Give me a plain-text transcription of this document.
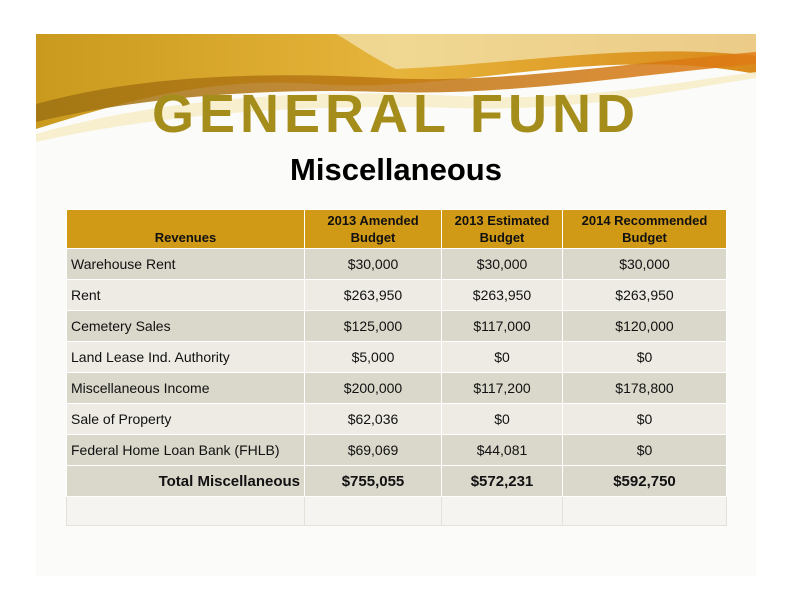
GENERAL FUND
Miscellaneous
Revenues	2013 Amended Budget	2013 Estimated Budget	2014 Recommended Budget
Warehouse Rent	$30,000	$30,000	$30,000
Rent	$263,950	$263,950	$263,950
Cemetery Sales	$125,000	$117,000	$120,000
Land Lease Ind. Authority	$5,000	$0	$0
Miscellaneous Income	$200,000	$117,200	$178,800
Sale of Property	$62,036	$0	$0
Federal Home Loan Bank (FHLB)	$69,069	$44,081	$0
Total Miscellaneous	$755,055	$572,231	$592,750
